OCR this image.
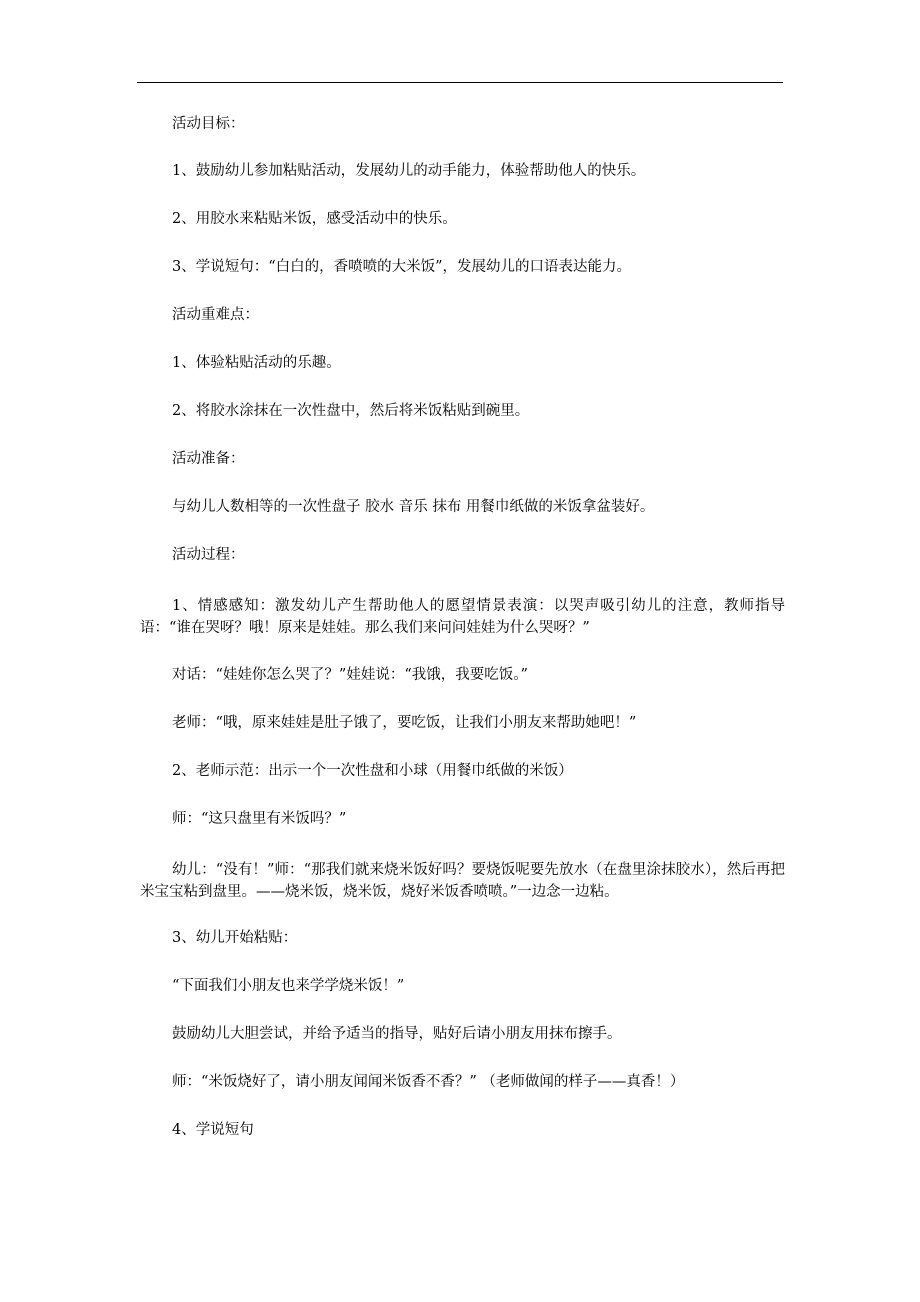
活动目标：
1、鼓励幼儿参加粘贴活动，发展幼儿的动手能力，体验帮助他人的快乐。
2、用胶水来粘贴米饭，感受活动中的快乐。
3、学说短句：“白白的，香喷喷的大米饭”，发展幼儿的口语表达能力。
活动重难点：
1、体验粘贴活动的乐趣。
2、将胶水涂抹在一次性盘中，然后将米饭粘贴到碗里。
活动准备：
与幼儿人数相等的一次性盘子 胶水 音乐 抹布 用餐巾纸做的米饭拿盆装好。
活动过程：
1、情感感知：激发幼儿产生帮助他人的愿望情景表演：以哭声吸引幼儿的注意，教师指导语：“谁在哭呀？哦！原来是娃娃。那么我们来问问娃娃为什么哭呀？”
对话：“娃娃你怎么哭了？”娃娃说：“我饿，我要吃饭。”
老师：“哦，原来娃娃是肚子饿了，要吃饭，让我们小朋友来帮助她吧！”
2、老师示范：出示一个一次性盘和小球（用餐巾纸做的米饭）
师：“这只盘里有米饭吗？”
幼儿：“没有！”师：“那我们就来烧米饭好吗？要烧饭呢要先放水（在盘里涂抹胶水），然后再把米宝宝粘到盘里。——烧米饭，烧米饭，烧好米饭香喷喷。”一边念一边粘。
3、幼儿开始粘贴：
“下面我们小朋友也来学学烧米饭！”
鼓励幼儿大胆尝试，并给予适当的指导，贴好后请小朋友用抹布擦手。
师：“米饭烧好了，请小朋友闻闻米饭香不香？” （老师做闻的样子——真香！）
4、学说短句
